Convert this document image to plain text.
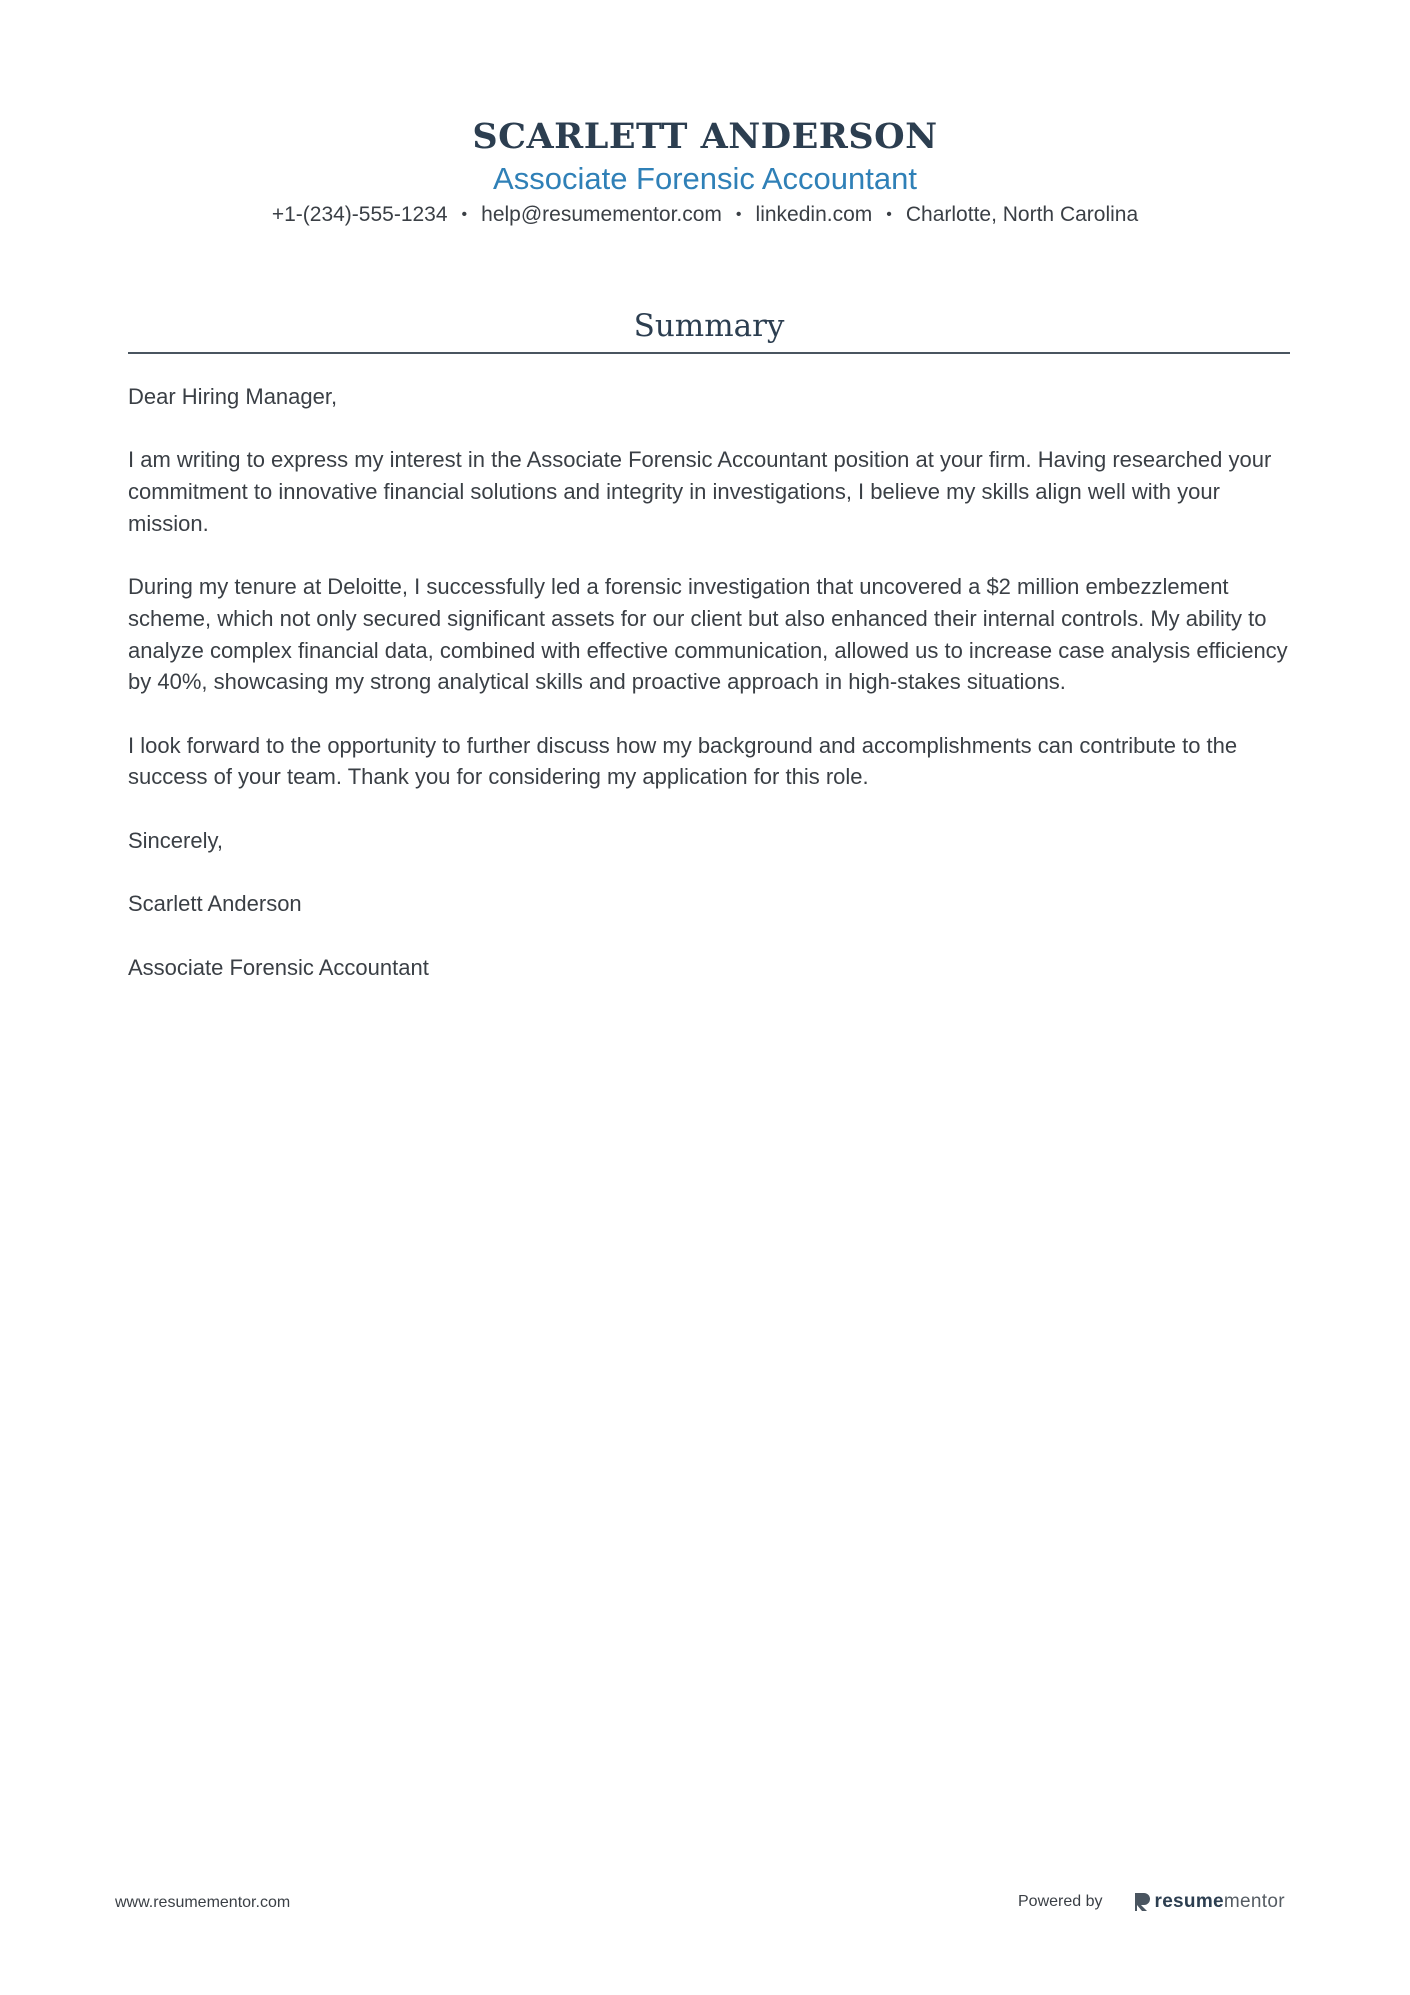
SCARLETT ANDERSON
Associate Forensic Accountant
+1-(234)-555-1234 • help@resumementor.com • linkedin.com • Charlotte, North Carolina
Summary

Dear Hiring Manager,

I am writing to express my interest in the Associate Forensic Accountant position at your firm. Having researched your commitment to innovative financial solutions and integrity in investigations, I believe my skills align well with your mission.

During my tenure at Deloitte, I successfully led a forensic investigation that uncovered a $2 million embezzlement scheme, which not only secured significant assets for our client but also enhanced their internal controls. My ability to analyze complex financial data, combined with effective communication, allowed us to increase case analysis efficiency by 40%, showcasing my strong analytical skills and proactive approach in high-stakes situations.

I look forward to the opportunity to further discuss how my background and accomplishments can contribute to the success of your team. Thank you for considering my application for this role.

Sincerely,

Scarlett Anderson

Associate Forensic Accountant

www.resumementor.com	Powered by	resumementor
